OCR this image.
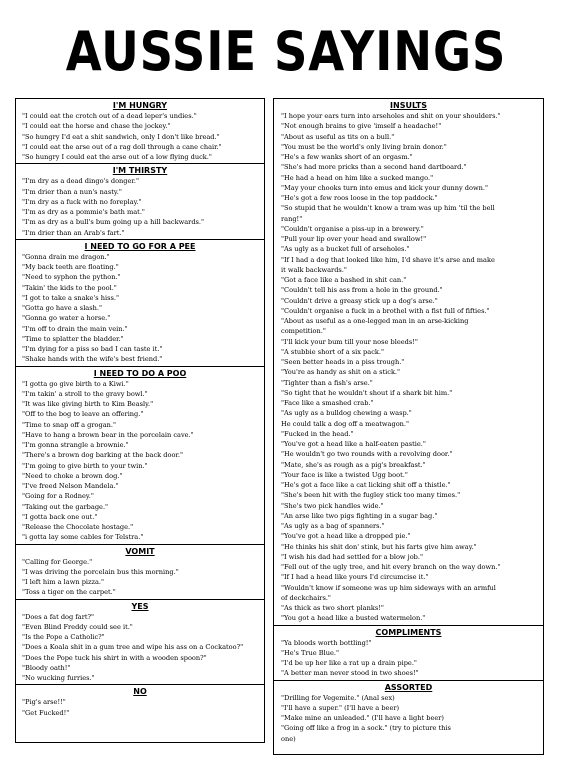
AUSSIE SAYINGS
I'M HUNGRY
"I could eat the crotch out of a dead leper's undies."
"I could eat the horse and chase the jockey."
"So hungry I'd eat a shit sandwich, only I don't like bread."
"I could eat the arse out of a rag doll through a cane chair."
"So hungry I could eat the arse out of a low flying duck."
I'M THIRSTY
"I'm dry as a dead dingo's donger."
"I'm drier than a nun's nasty."
"I'm dry as a fuck with no foreplay."
"I'm as dry as a pommie's bath mat."
"I'm as dry as a bull's bum going up a hill backwards."
"I'm drier than an Arab's fart."
I NEED TO GO FOR A PEE
"Gonna drain me dragon."
"My back teeth are floating."
"Need to syphon the python."
"Takin' the kids to the pool."
"I got to take a snake's hiss."
"Gotta go have a slash."
"Gonna go water a horse."
"I'm off to drain the main vein."
"Time to splatter the bladder."
"I'm dying for a piss so bad I can taste it."
"Shake hands with the wife's best friend."
I NEED TO DO A POO
"I gotta go give birth to a Kiwi."
"I'm takin' a stroll to the gravy bowl."
"It was like giving birth to Kim Beasly."
"Off to the bog to leave an offering."
"Time to snap off a grogan."
"Have to hang a brown bear in the porcelain cave."
"I'm gonna strangle a brownie."
"There's a brown dog barking at the back door."
"I'm going to give birth to your twin."
"Need to choke a brown dog."
"I've freed Nelson Mandela."
"Going for a Rodney."
"Taking out the garbage."
"I gotta back one out."
"Release the Chocolate hostage."
"i gotta lay some cables for Telstra."
VOMIT
"Calling for George."
"I was driving the porcelain bus this morning."
"I left him a lawn pizza."
"Toss a tiger on the carpet."
YES
"Does a fat dog fart?"
"Even Blind Freddy could see it."
"Is the Pope a Catholic?"
"Does a Koala shit in a gum tree and wipe his ass on a Cockatoo?"
"Does the Pope tuck his shirt in with a wooden spoon?"
"Bloody oath!"
"No wucking furries."
NO
"Pig's arse!!"
"Get Fucked!"
INSULTS
"I hope your ears turn into arseholes and shit on your shoulders."
"Not enough brains to give 'imself a headache!"
"About as useful as tits on a bull."
"You must be the world's only living brain donor."
"He's a few wanks short of an orgasm."
"She's had more pricks than a second hand dartboard."
"He had a head on him like a sucked mango."
"May your chooks turn into emus and kick your dunny down."
"He's got a few roos loose in the top paddock."
"So stupid that he wouldn't know a tram was up him 'til the bell
rang!"
"Couldn't organise a piss-up in a brewery."
"Pull your lip over your head and swallow!"
"As ugly as a bucket full of arseholes."
"If I had a dog that looked like him, I'd shave it's arse and make
it walk backwards."
"Got a face like a bashed in shit can."
"Couldn't tell his ass from a hole in the ground."
"Couldn't drive a greasy stick up a dog's arse."
"Couldn't organise a fuck in a brothel with a fist full of fifties."
"About as useful as a one-legged man in an arse-kicking
competition."
"I'll kick your bum till your nose bleeds!"
"A stubbie short of a six pack."
"Seen better heads in a piss trough."
"You're as handy as shit on a stick."
"Tighter than a fish's arse."
"So tight that he wouldn't shout if a shark bit him."
"Face like a smashed crab."
"As ugly as a bulldog chewing a wasp."
He could talk a dog off a meatwagon."
"Fucked in the head."
"You've got a head like a half-eaten pastie."
"He wouldn't go two rounds with a revolving door."
"Mate, she's as rough as a pig's breakfast."
"Your face is like a twisted Ugg boot."
"He's got a face like a cat licking shit off a thistle."
"She's been hit with the fugley stick too many times."
"She's two pick handles wide."
"An arse like two pigs fighting in a sugar bag."
"As ugly as a bag of spanners."
"You've got a head like a dropped pie."
"He thinks his shit don' stink, but his farts give him away."
"I wish his dad had settled for a blow job."
"Fell out of the ugly tree, and hit every branch on the way down."
"If I had a head like yours I'd circumcise it."
"Wouldn't know if someone was up him sideways with an armful
of deckchairs."
"As thick as two short planks!"
"You got a head like a busted watermelon."
COMPLIMENTS
"Ya bloods worth bottling!"
"He's True Blue."
"I'd be up her like a rat up a drain pipe."
"A better man never stood in two shoes!"
ASSORTED
"Drilling for Vegemite." (Anal sex)
"I'll have a super." (I'll have a beer)
"Make mine an unleaded." (I'll have a light beer)
"Going off like a frog in a sock." (try to picture this
one)
